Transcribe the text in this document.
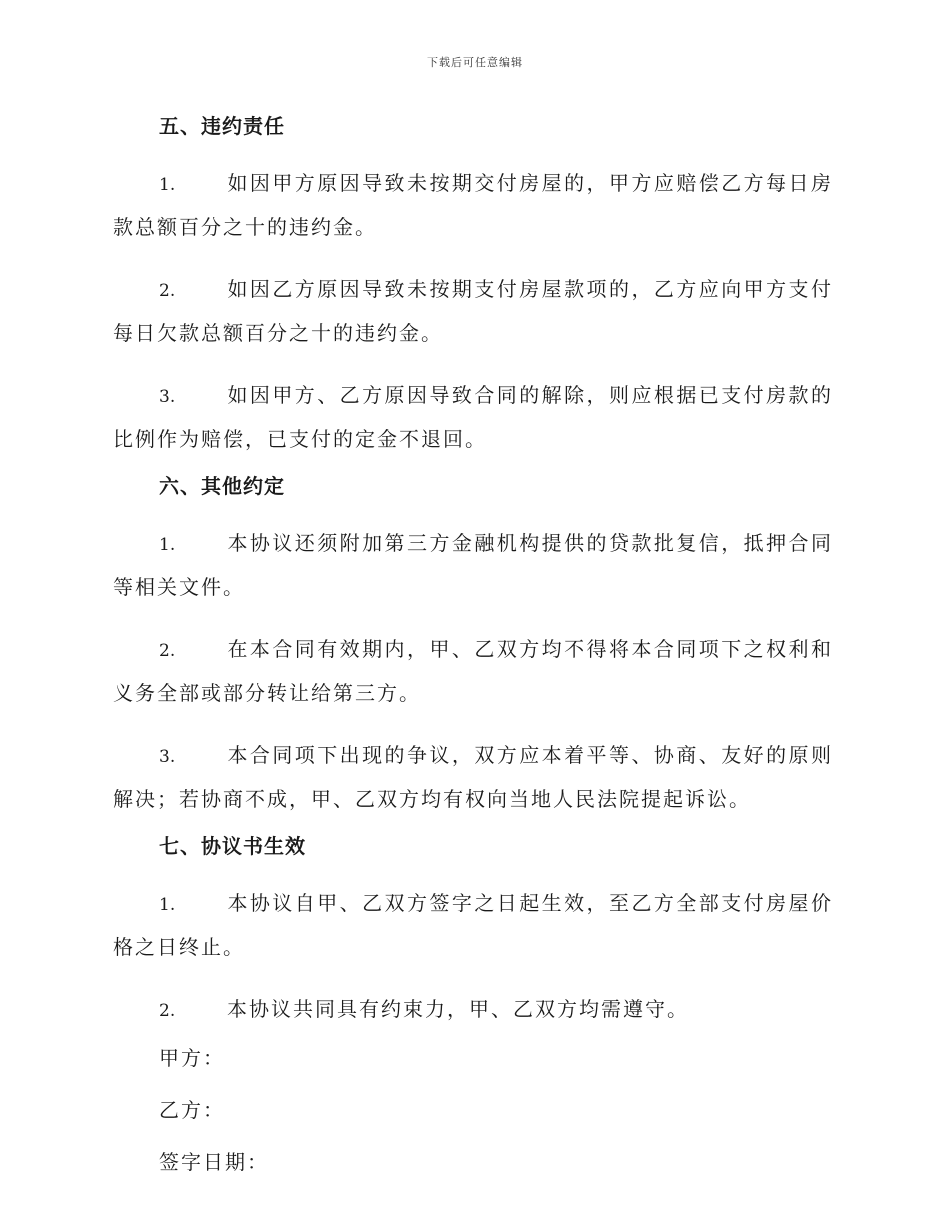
下载后可任意编辑
五、违约责任

1.	如因甲方原因导致未按期交付房屋的，甲方应赔偿乙方每日房款总额百分之十的违约金。

2.	如因乙方原因导致未按期支付房屋款项的，乙方应向甲方支付每日欠款总额百分之十的违约金。

3.	如因甲方、乙方原因导致合同的解除，则应根据已支付房款的比例作为赔偿，已支付的定金不退回。

六、其他约定

1.	本协议还须附加第三方金融机构提供的贷款批复信，抵押合同等相关文件。

2.	在本合同有效期内，甲、乙双方均不得将本合同项下之权利和义务全部或部分转让给第三方。

3.	本合同项下出现的争议，双方应本着平等、协商、友好的原则解决；若协商不成，甲、乙双方均有权向当地人民法院提起诉讼。

七、协议书生效

1.	本协议自甲、乙双方签字之日起生效，至乙方全部支付房屋价格之日终止。

2.	本协议共同具有约束力，甲、乙双方均需遵守。

甲方：
乙方：
签字日期：
